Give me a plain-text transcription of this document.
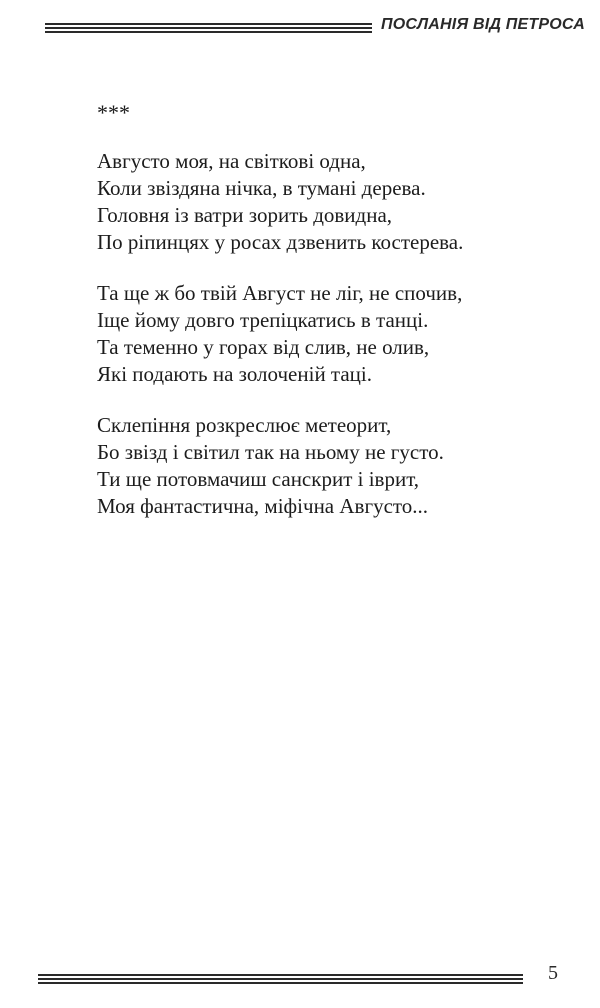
ПОСЛАНІЯ ВІД ПЕТРОСА
***
Августо моя, на світкові одна,
Коли звіздяна нічка, в тумані дерева.
Головня із ватри зорить довидна,
По ріпинцях у росах дзвенить костерева.
Та ще ж бо твій Август не ліг, не спочив,
Іще йому довго трепіцкатись в танці.
Та теменно у горах від слив, не олив,
Які подають на золоченій таці.
Склепіння розкреслює метеорит,
Бо звізд і світил так на ньому не густо.
Ти ще потовмачиш санскрит і іврит,
Моя фантастична, міфічна Августо...
5
